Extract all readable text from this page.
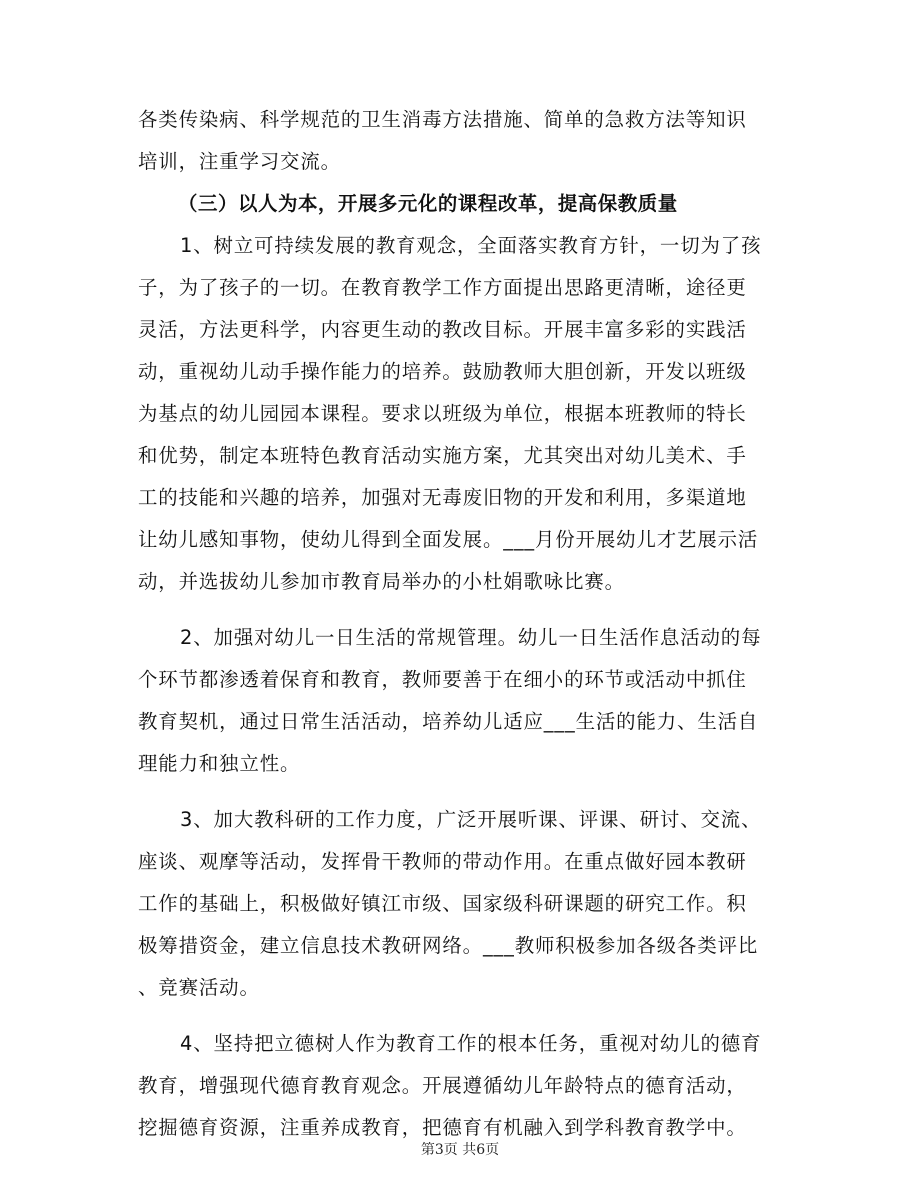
各类传染病、科学规范的卫生消毒方法措施、简单的急救方法等知识
培训，注重学习交流。
（三）以人为本，开展多元化的课程改革，提高保教质量
1、树立可持续发展的教育观念，全面落实教育方针，一切为了孩
子，为了孩子的一切。在教育教学工作方面提出思路更清晰，途径更
灵活，方法更科学，内容更生动的教改目标。开展丰富多彩的实践活
动，重视幼儿动手操作能力的培养。鼓励教师大胆创新，开发以班级
为基点的幼儿园园本课程。要求以班级为单位，根据本班教师的特长
和优势，制定本班特色教育活动实施方案，尤其突出对幼儿美术、手
工的技能和兴趣的培养，加强对无毒废旧物的开发和利用，多渠道地
让幼儿感知事物，使幼儿得到全面发展。___月份开展幼儿才艺展示活
动，并选拔幼儿参加市教育局举办的小杜娟歌咏比赛。
2、加强对幼儿一日生活的常规管理。幼儿一日生活作息活动的每
个环节都渗透着保育和教育，教师要善于在细小的环节或活动中抓住
教育契机，通过日常生活活动，培养幼儿适应___生活的能力、生活自
理能力和独立性。
3、加大教科研的工作力度，广泛开展听课、评课、研讨、交流、
座谈、观摩等活动，发挥骨干教师的带动作用。在重点做好园本教研
工作的基础上，积极做好镇江市级、国家级科研课题的研究工作。积
极筹措资金，建立信息技术教研网络。___教师积极参加各级各类评比
、竞赛活动。
4、坚持把立德树人作为教育工作的根本任务，重视对幼儿的德育
教育，增强现代德育教育观念。开展遵循幼儿年龄特点的德育活动，
挖掘德育资源，注重养成教育，把德育有机融入到学科教育教学中。
第3页 共6页
